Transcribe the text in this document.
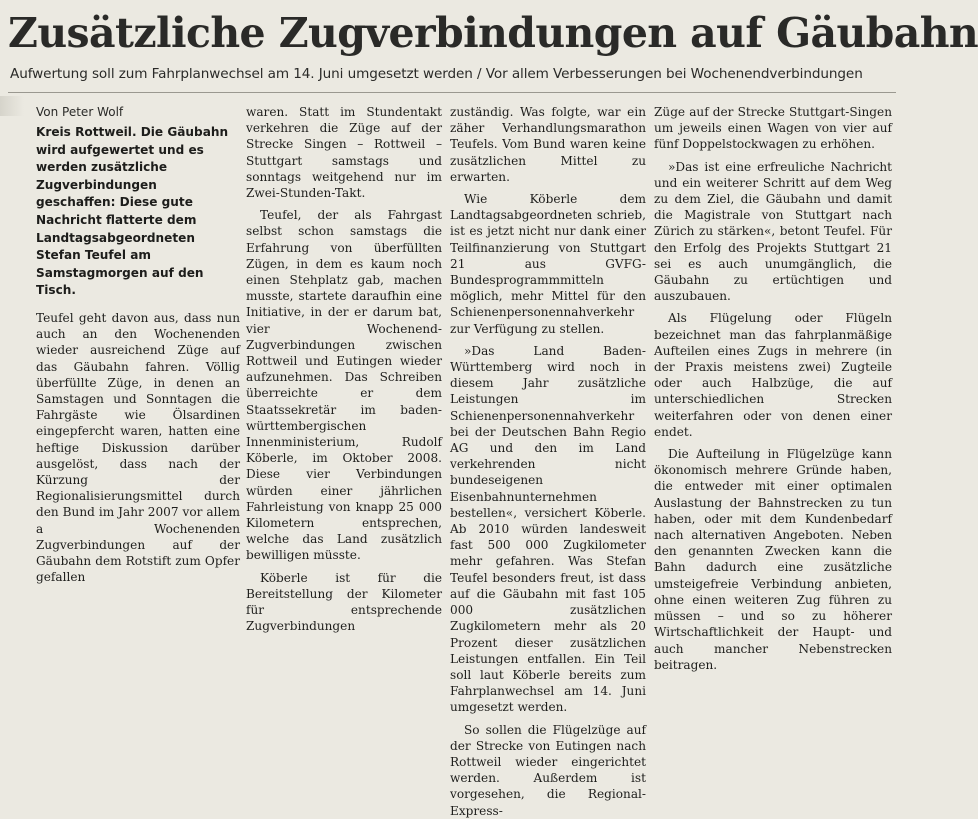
Zusätzliche Zugverbindungen auf Gäubahn
Aufwertung soll zum Fahrplanwechsel am 14. Juni umgesetzt werden / Vor allem Verbesserungen bei Wochenendverbindungen
Von Peter Wolf
Kreis Rottweil. Die Gäubahn wird aufgewertet und es werden zusätzliche Zugverbindungen geschaffen: Diese gute Nachricht flatterte dem Landtagsabgeordneten Stefan Teufel am Samstagmorgen auf den Tisch.

Teufel geht davon aus, dass nun auch an den Wochenenden wieder ausreichend Züge auf das Gäubahn fahren. Völlig überfüllte Züge, in denen an Samstagen und Sonntagen die Fahrgäste wie Ölsardinen eingepfercht waren, hatten eine heftige Diskussion darüber ausgelöst, dass nach der Kürzung der Regionalisierungsmittel durch den Bund im Jahr 2007 vor allem a Wochenenden Zugverbindungen auf der Gäubahn dem Rotstift zum Opfer gefallen

waren. Statt im Stundentakt verkehren die Züge auf der Strecke Singen – Rottweil – Stuttgart samstags und sonntags weitgehend nur im Zwei-Stunden-Takt.

Teufel, der als Fahrgast selbst schon samstags die Erfahrung von überfüllten Zügen, in dem es kaum noch einen Stehplatz gab, machen musste, startete daraufhin eine Initiative, in der er darum bat, vier Wochenend-Zugverbindungen zwischen Rottweil und Eutingen wieder aufzunehmen. Das Schreiben überreichte er dem Staatssekretär im baden-württembergischen Innenministerium, Rudolf Köberle, im Oktober 2008. Diese vier Verbindungen würden einer jährlichen Fahrleistung von knapp 25 000 Kilometern entsprechen, welche das Land zusätzlich bewilligen müsste.

Köberle ist für die Bereitstellung der Kilometer für entsprechende Zugverbindungen

zuständig. Was folgte, war ein zäher Verhandlungsmarathon Teufels. Vom Bund waren keine zusätzlichen Mittel zu erwarten.

Wie Köberle dem Landtagsabgeordneten schrieb, ist es jetzt nicht nur dank einer Teilfinanzierung von Stuttgart 21 aus GVFG-Bundesprogrammmitteln möglich, mehr Mittel für den Schienenpersonennahverkehr zur Verfügung zu stellen.

»Das Land Baden-Württemberg wird noch in diesem Jahr zusätzliche Leistungen im Schienenpersonennahverkehr bei der Deutschen Bahn Regio AG und den im Land verkehrenden nicht bundeseigenen Eisenbahnunternehmen bestellen«, versichert Köberle. Ab 2010 würden landesweit fast 500 000 Zugkilometer mehr gefahren. Was Stefan Teufel besonders freut, ist dass auf die Gäubahn mit fast 105 000 zusätzlichen Zugkilometern mehr als 20 Prozent dieser zusätzlichen Leistungen entfallen. Ein Teil soll laut Köberle bereits zum Fahrplanwechsel am 14. Juni umgesetzt werden.

So sollen die Flügelzüge auf der Strecke von Eutingen nach Rottweil wieder eingerichtet werden. Außerdem ist vorgesehen, die Regional-Express-

Züge auf der Strecke Stuttgart-Singen um jeweils einen Wagen von vier auf fünf Doppelstockwagen zu erhöhen.

»Das ist eine erfreuliche Nachricht und ein weiterer Schritt auf dem Weg zu dem Ziel, die Gäubahn und damit die Magistrale von Stuttgart nach Zürich zu stärken«, betont Teufel. Für den Erfolg des Projekts Stuttgart 21 sei es auch unumgänglich, die Gäubahn zu ertüchtigen und auszubauen.

Als Flügelung oder Flügeln bezeichnet man das fahrplanmäßige Aufteilen eines Zugs in mehrere (in der Praxis meistens zwei) Zugteile oder auch Halbzüge, die auf unterschiedlichen Strecken weiterfahren oder von denen einer endet.

Die Aufteilung in Flügelzüge kann ökonomisch mehrere Gründe haben, die entweder mit einer optimalen Auslastung der Bahnstrecken zu tun haben, oder mit dem Kundenbedarf nach alternativen Angeboten. Neben den genannten Zwecken kann die Bahn dadurch eine zusätzliche umsteigefreie Verbindung anbieten, ohne einen weiteren Zug führen zu müssen – und so zu höherer Wirtschaftlichkeit der Haupt- und auch mancher Nebenstrecken beitragen.
